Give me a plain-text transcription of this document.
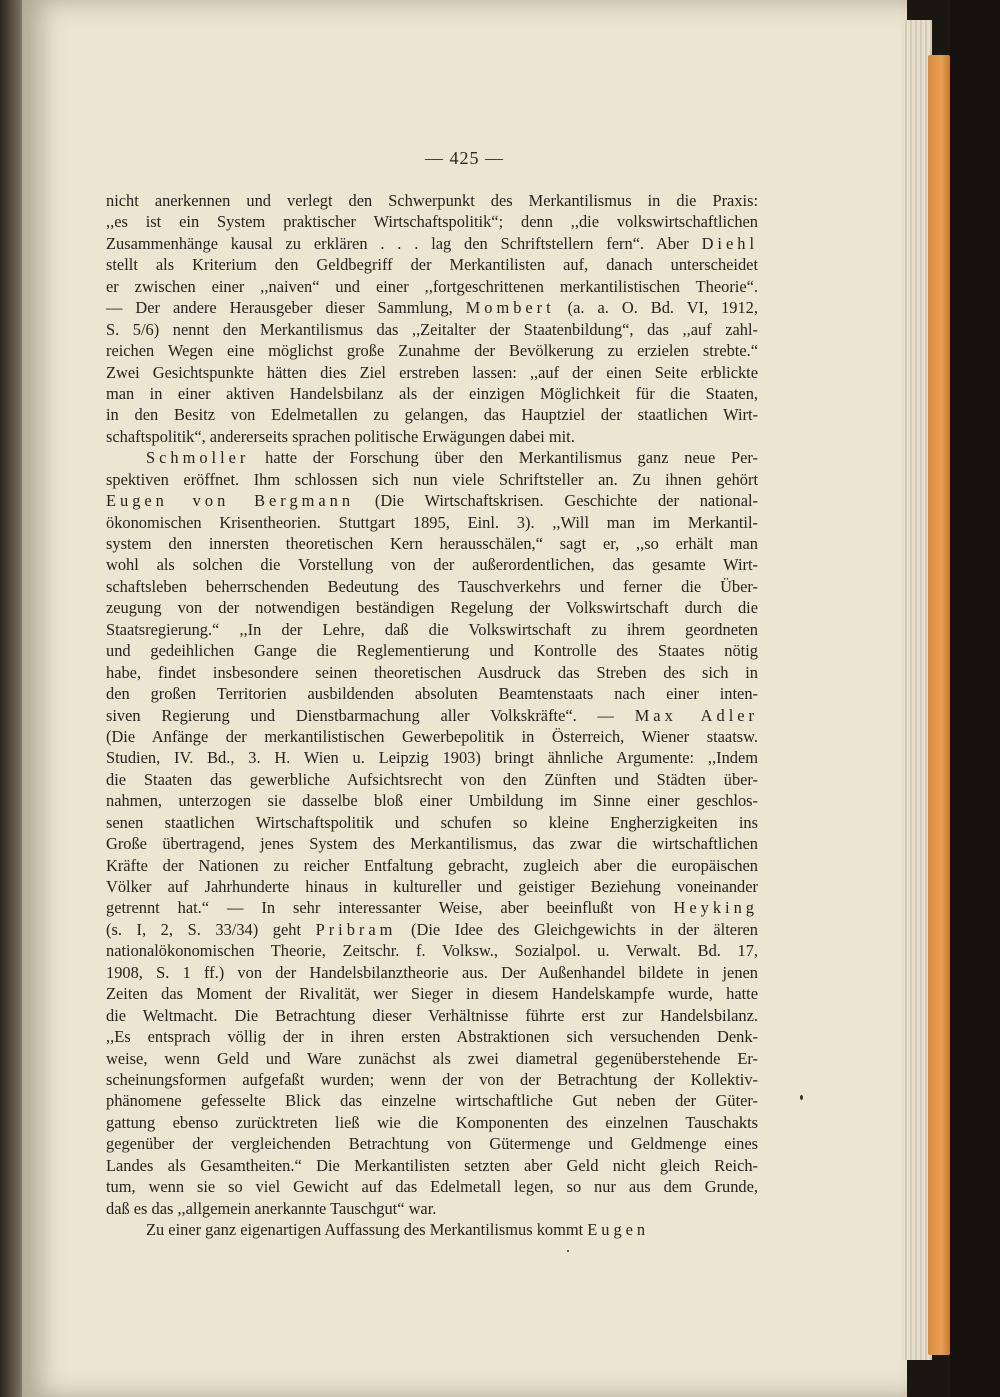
— 425 —
nicht anerkennen und verlegt den Schwerpunkt des Merkantilismus in die Praxis:
,,es ist ein System praktischer Wirtschaftspolitik“; denn ,,die volkswirtschaftlichen
Zusammenhänge kausal zu erklären . . . lag den Schriftstellern fern“. Aber Diehl
stellt als Kriterium den Geldbegriff der Merkantilisten auf, danach unterscheidet
er zwischen einer ,,naiven“ und einer ,,fortgeschrittenen merkantilistischen Theorie“.
— Der andere Herausgeber dieser Sammlung, Mombert (a. a. O. Bd. VI, 1912,
S. 5/6) nennt den Merkantilismus das ,,Zeitalter der Staatenbildung“, das ,,auf zahl-
reichen Wegen eine möglichst große Zunahme der Bevölkerung zu erzielen strebte.“
Zwei Gesichtspunkte hätten dies Ziel erstreben lassen: ,,auf der einen Seite erblickte
man in einer aktiven Handelsbilanz als der einzigen Möglichkeit für die Staaten,
in den Besitz von Edelmetallen zu gelangen, das Hauptziel der staatlichen Wirt-
schaftspolitik“, andererseits sprachen politische Erwägungen dabei mit.
Schmoller hatte der Forschung über den Merkantilismus ganz neue Per-
spektiven eröffnet. Ihm schlossen sich nun viele Schriftsteller an. Zu ihnen gehört
Eugen von Bergmann (Die Wirtschaftskrisen. Geschichte der national-
ökonomischen Krisentheorien. Stuttgart 1895, Einl. 3). ,,Will man im Merkantil-
system den innersten theoretischen Kern herausschälen,“ sagt er, ,,so erhält man
wohl als solchen die Vorstellung von der außerordentlichen, das gesamte Wirt-
schaftsleben beherrschenden Bedeutung des Tauschverkehrs und ferner die Über-
zeugung von der notwendigen beständigen Regelung der Volkswirtschaft durch die
Staatsregierung.“ ,,In der Lehre, daß die Volkswirtschaft zu ihrem geordneten
und gedeihlichen Gange die Reglementierung und Kontrolle des Staates nötig
habe, findet insbesondere seinen theoretischen Ausdruck das Streben des sich in
den großen Territorien ausbildenden absoluten Beamtenstaats nach einer inten-
siven Regierung und Dienstbarmachung aller Volkskräfte“. — Max Adler
(Die Anfänge der merkantilistischen Gewerbepolitik in Österreich, Wiener staatsw.
Studien, IV. Bd., 3. H. Wien u. Leipzig 1903) bringt ähnliche Argumente: ,,Indem
die Staaten das gewerbliche Aufsichtsrecht von den Zünften und Städten über-
nahmen, unterzogen sie dasselbe bloß einer Umbildung im Sinne einer geschlos-
senen staatlichen Wirtschaftspolitik und schufen so kleine Engherzigkeiten ins
Große übertragend, jenes System des Merkantilismus, das zwar die wirtschaftlichen
Kräfte der Nationen zu reicher Entfaltung gebracht, zugleich aber die europäischen
Völker auf Jahrhunderte hinaus in kultureller und geistiger Beziehung voneinander
getrennt hat.“ — In sehr interessanter Weise, aber beeinflußt von Heyking
(s. I, 2, S. 33/34) geht Pribram (Die Idee des Gleichgewichts in der älteren
nationalökonomischen Theorie, Zeitschr. f. Volksw., Sozialpol. u. Verwalt. Bd. 17,
1908, S. 1 ff.) von der Handelsbilanztheorie aus. Der Außenhandel bildete in jenen
Zeiten das Moment der Rivalität, wer Sieger in diesem Handelskampfe wurde, hatte
die Weltmacht. Die Betrachtung dieser Verhältnisse führte erst zur Handelsbilanz.
,,Es entsprach völlig der in ihren ersten Abstraktionen sich versuchenden Denk-
weise, wenn Geld und Ware zunächst als zwei diametral gegenüberstehende Er-
scheinungsformen aufgefaßt wurden; wenn der von der Betrachtung der Kollektiv-
phänomene gefesselte Blick das einzelne wirtschaftliche Gut neben der Güter-
gattung ebenso zurücktreten ließ wie die Komponenten des einzelnen Tauschakts
gegenüber der vergleichenden Betrachtung von Gütermenge und Geldmenge eines
Landes als Gesamtheiten.“ Die Merkantilisten setzten aber Geld nicht gleich Reich-
tum, wenn sie so viel Gewicht auf das Edelmetall legen, so nur aus dem Grunde,
daß es das ,,allgemein anerkannte Tauschgut“ war.
Zu einer ganz eigenartigen Auffassung des Merkantilismus kommt Eugen
